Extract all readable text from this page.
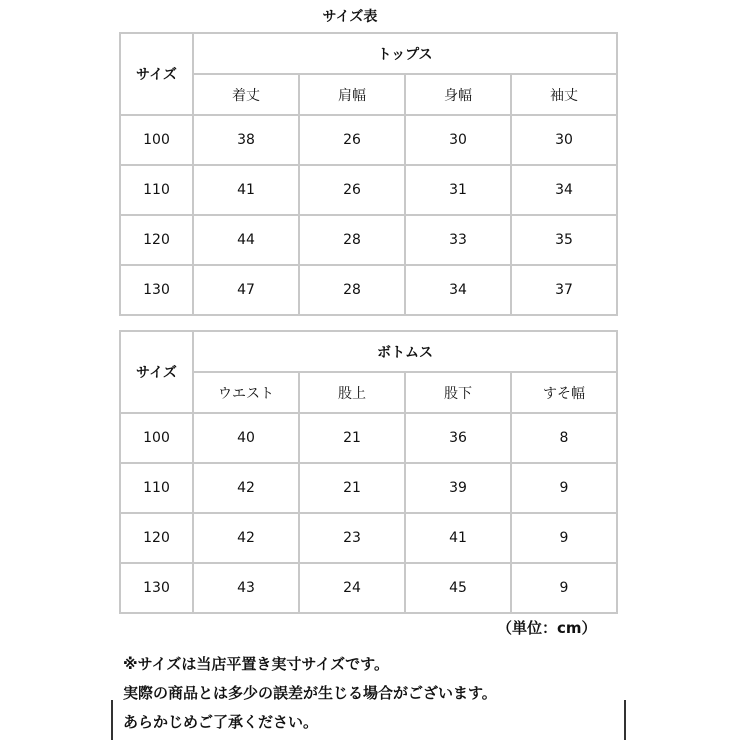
サイズ表
サイズ	トップス			
	着丈	肩幅	身幅	袖丈
100	38	26	30	30
110	41	26	31	34
120	44	28	33	35
130	47	28	34	37
サイズ	ボトムス			
	ウエスト	股上	股下	すそ幅
100	40	21	36	8
110	42	21	39	9
120	42	23	41	9
130	43	24	45	9
（単位：cm）
※サイズは当店平置き実寸サイズです。
実際の商品とは多少の誤差が生じる場合がございます。
あらかじめご了承ください。
